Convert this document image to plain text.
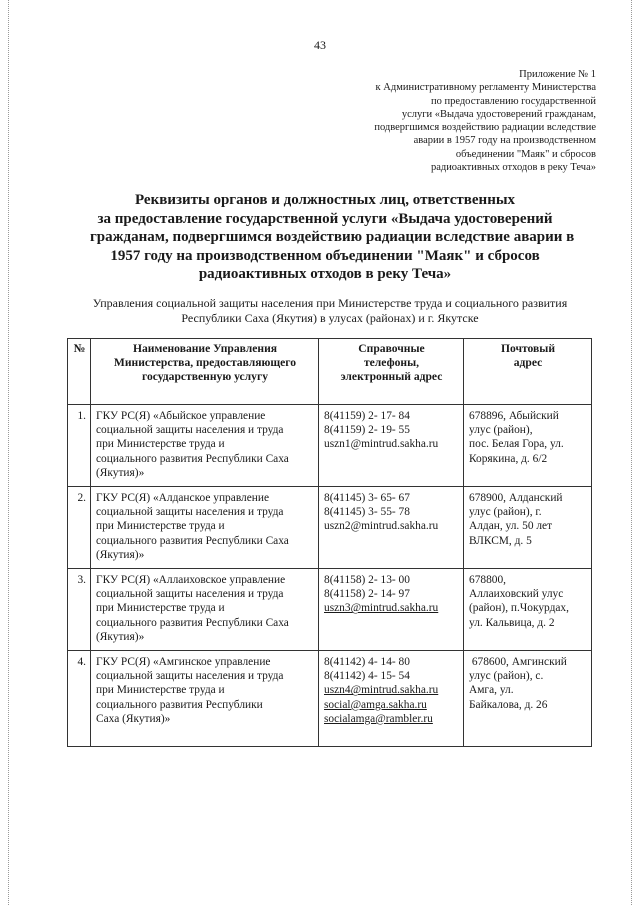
43
Приложение № 1
к Административному регламенту Министерства
по предоставлению государственной
услуги «Выдача удостоверений гражданам,
подвергшимся воздействию радиации вследствие
аварии в 1957 году на производственном
объединении "Маяк" и сбросов
радиоактивных отходов в реку Теча»
Реквизиты органов и должностных лиц, ответственных
за предоставление государственной услуги «Выдача удостоверений
гражданам, подвергшимся воздействию радиации вследствие аварии в
1957 году на производственном объединении "Маяк" и сбросов
радиоактивных отходов в реку Теча»
Управления социальной защиты населения при Министерстве труда и социального развития
Республики Саха (Якутия) в улусах (районах) и г. Якутске
№	Наименование Управления
Министерства, предоставляющего
государственную услугу	Справочные
телефоны,
электронный адрес	Почтовый
адрес

1.	ГКУ РС(Я) «Абыйское управление
социальной защиты населения и труда
при Министерстве труда и
социального развития Республики Саха
(Якутия)»	8(41159) 2- 17- 84
8(41159) 2- 19- 55
uszn1@mintrud.sakha.ru	678896, Абыйский
улус (район),
пос. Белая Гора, ул.
Корякина, д. 6/2

2.	ГКУ РС(Я) «Алданское управление
социальной защиты населения и труда
при Министерстве труда и
социального развития Республики Саха
(Якутия)»	8(41145) 3- 65- 67
8(41145) 3- 55- 78
uszn2@mintrud.sakha.ru	678900, Алданский
улус (район), г.
Алдан, ул. 50 лет
ВЛКСМ, д. 5

3.	ГКУ РС(Я) «Аллаиховское управление
социальной защиты населения и труда
при Министерстве труда и
социального развития Республики Саха
(Якутия)»	8(41158) 2- 13- 00
8(41158) 2- 14- 97
uszn3@mintrud.sakha.ru	678800,
Аллаиховский улус
(район), п.Чокурдах,
ул. Кальвица, д. 2

4.	ГКУ РС(Я) «Амгинское управление
социальной защиты населения и труда
при Министерстве труда и
социального развития Республики
Саха (Якутия)»	8(41142) 4- 14- 80
8(41142) 4- 15- 54
uszn4@mintrud.sakha.ru
social@amga.sakha.ru
socialamga@rambler.ru	678600, Амгинский
улус (район), с.
Амга, ул.
Байкалова, д. 26
